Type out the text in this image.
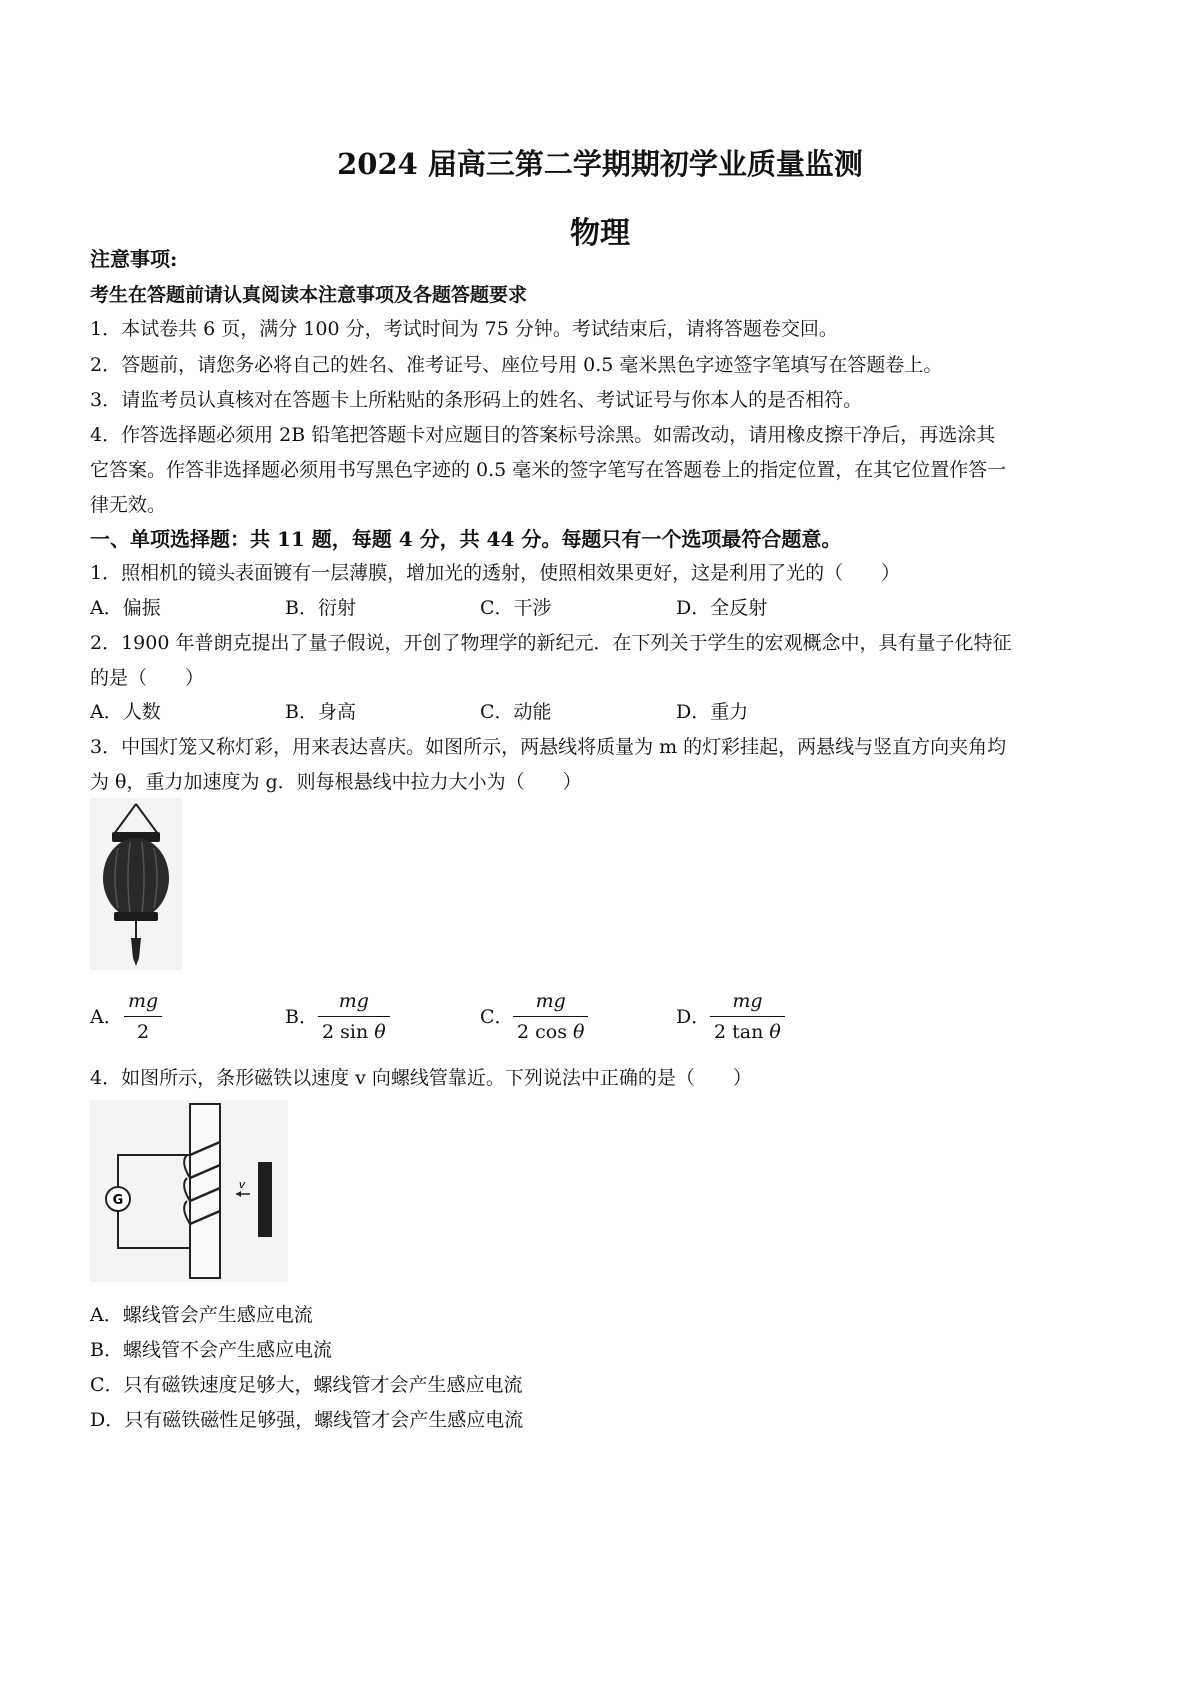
2024 届高三第二学期期初学业质量监测
物理
注意事项:
考生在答题前请认真阅读本注意事项及各题答题要求
1．本试卷共 6 页，满分 100 分，考试时间为 75 分钟。考试结束后，请将答题卷交回。
2．答题前，请您务必将自己的姓名、准考证号、座位号用 0.5 毫米黑色字迹签字笔填写在答题卷上。
3．请监考员认真核对在答题卡上所粘贴的条形码上的姓名、考试证号与你本人的是否相符。
4．作答选择题必须用 2B 铅笔把答题卡对应题目的答案标号涂黑。如需改动，请用橡皮擦干净后，再选涂其
它答案。作答非选择题必须用书写黑色字迹的 0.5 毫米的签字笔写在答题卷上的指定位置，在其它位置作答一
律无效。
一、单项选择题：共 11 题，每题 4 分，共 44 分。每题只有一个选项最符合题意。
1．照相机的镜头表面镀有一层薄膜，增加光的透射，使照相效果更好，这是利用了光的（　　）
A．偏振	B．衍射	C．干涉	D．全反射
2．1900 年普朗克提出了量子假说，开创了物理学的新纪元．在下列关于学生的宏观概念中，具有量子化特征
的是（　　）
A．人数	B．身高	C．动能	D．重力
3．中国灯笼又称灯彩，用来表达喜庆。如图所示，两悬线将质量为 m 的灯彩挂起，两悬线与竖直方向夹角均
为 θ，重力加速度为 g．则每根悬线中拉力大小为（　　）
A．
mg
2
B．
mg
2 sin θ
C．
mg
2 cos θ
D．
mg
2 tan θ
4．如图所示，条形磁铁以速度 v 向螺线管靠近。下列说法中正确的是（　　）
G
v
A．螺线管会产生感应电流
B．螺线管不会产生感应电流
C．只有磁铁速度足够大，螺线管才会产生感应电流
D．只有磁铁磁性足够强，螺线管才会产生感应电流
